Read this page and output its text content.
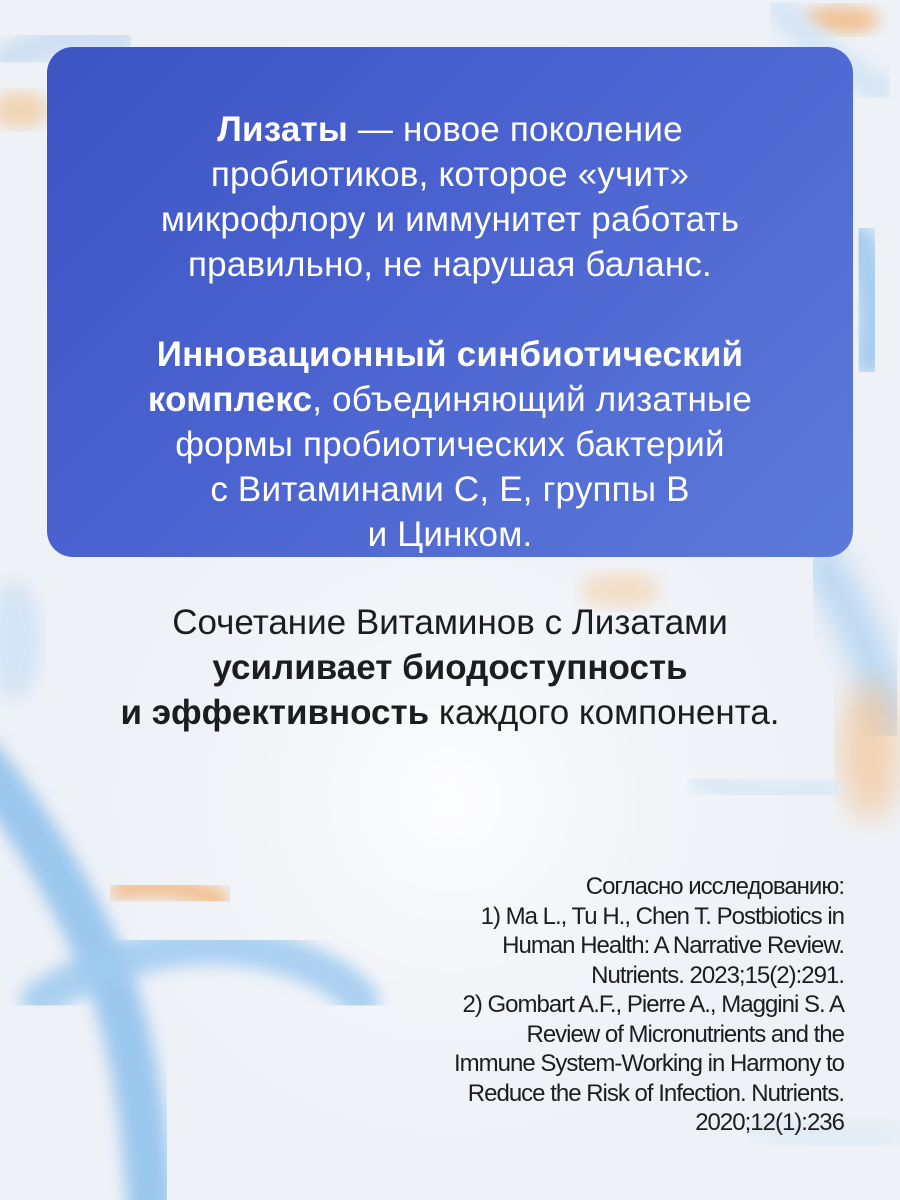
Лизаты — новое поколение
пробиотиков, которое «учит»
микрофлору и иммунитет работать
правильно, не нарушая баланс.

Инновационный синбиотический
комплекс, объединяющий лизатные
формы пробиотических бактерий
с Витаминами С, Е, группы В
и Цинком.

Сочетание Витаминов с Лизатами
усиливает биодоступность
и эффективность каждого компонента.
Согласно исследованию:
1) Ma L., Tu H., Chen T. Postbiotics in
Human Health: A Narrative Review.
Nutrients. 2023;15(2):291.
2) Gombart A.F., Pierre A., Maggini S. A
Review of Micronutrients and the
Immune System-Working in Harmony to
Reduce the Risk of Infection. Nutrients.
2020;12(1):236
